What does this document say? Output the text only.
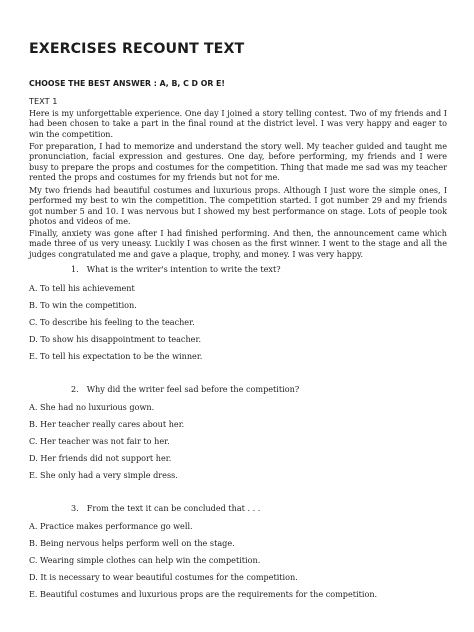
EXERCISES RECOUNT TEXT
CHOOSE THE BEST ANSWER : A, B, C D OR E!
TEXT 1

Here is my unforgettable experience. One day I joined a story telling contest. Two of my friends and I had been chosen to take a part in the final round at the district level. I was very happy and eager to win the competition.

For preparation, I had to memorize and understand the story well. My teacher guided and taught me pronunciation, facial expression and gestures. One day, before performing, my friends and I were busy to prepare the props and costumes for the competition. Thing that made me sad was my teacher rented the props and costumes for my friends but not for me.

My two friends had beautiful costumes and luxurious props. Although I just wore the simple ones, I performed my best to win the competition. The competition started. I got number 29 and my friends got number 5 and 10. I was nervous but I showed my best performance on stage. Lots of people took photos and videos of me.

Finally, anxiety was gone after I had finished performing. And then, the announcement came which made three of us very uneasy. Luckily I was chosen as the first winner. I went to the stage and all the judges congratulated me and gave a plaque, trophy, and money. I was very happy.

1. What is the writer's intention to write the text?
A. To tell his achievement
B. To win the competition.
C. To describe his feeling to the teacher.
D. To show his disappointment to teacher.
E. To tell his expectation to be the winner.
2. Why did the writer feel sad before the competition?
A. She had no luxurious gown.
B. Her teacher really cares about her.
C. Her teacher was not fair to her.
D. Her friends did not support her.
E. She only had a very simple dress.
3. From the text it can be concluded that . . .
A. Practice makes performance go well.
B. Being nervous helps perform well on the stage.
C. Wearing simple clothes can help win the competition.
D. It is necessary to wear beautiful costumes for the competition.
E. Beautiful costumes and luxurious props are the requirements for the competition.
